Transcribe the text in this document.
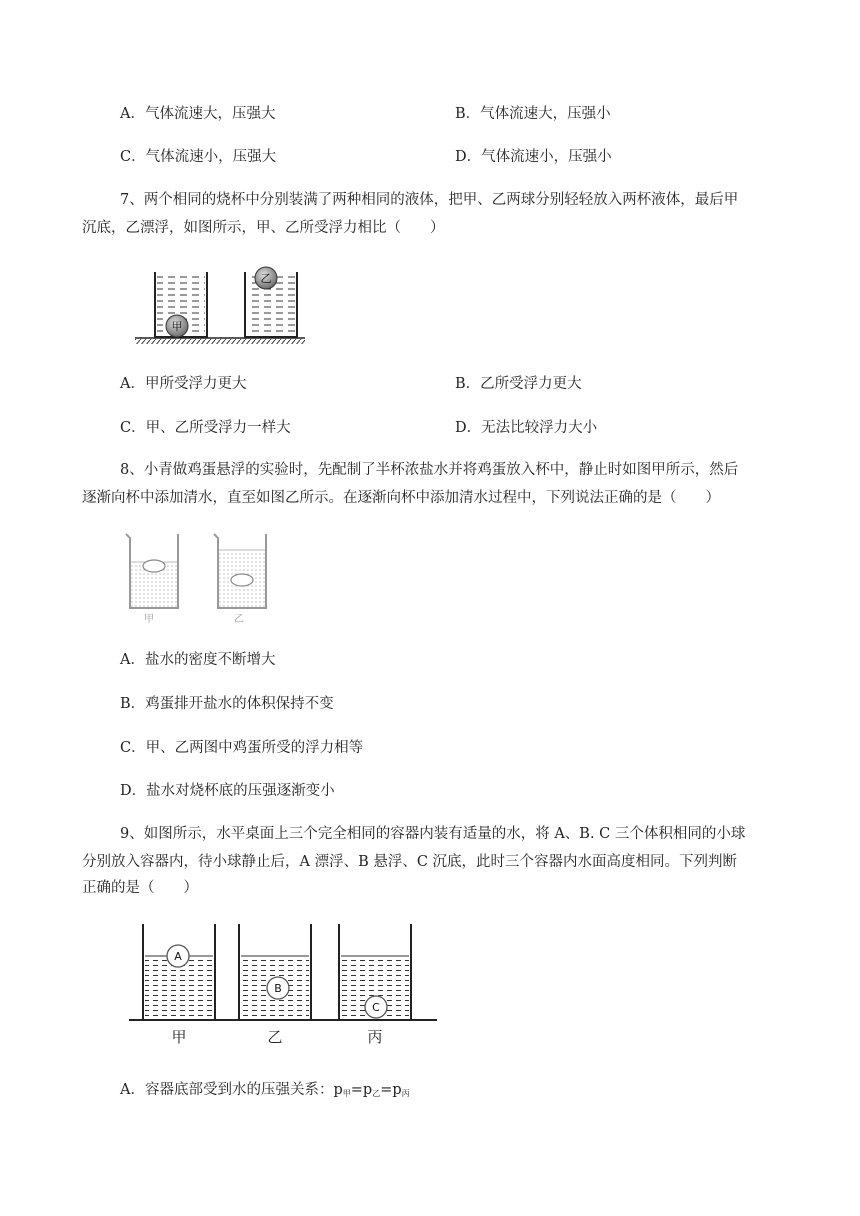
A．气体流速大，压强大	B．气体流速大，压强小
C．气体流速小，压强大	D．气体流速小，压强小
7、两个相同的烧杯中分别装满了两种相同的液体，把甲、乙两球分别轻轻放入两杯液体，最后甲
沉底，乙漂浮，如图所示，甲、乙所受浮力相比（　　）
甲
乙
A．甲所受浮力更大	B．乙所受浮力更大
C．甲、乙所受浮力一样大	D．无法比较浮力大小
8、小青做鸡蛋悬浮的实验时，先配制了半杯浓盐水并将鸡蛋放入杯中，静止时如图甲所示，然后
逐渐向杯中添加清水，直至如图乙所示。在逐渐向杯中添加清水过程中，下列说法正确的是（　　）
甲	乙
A．盐水的密度不断增大
B．鸡蛋排开盐水的体积保持不变
C．甲、乙两图中鸡蛋所受的浮力相等
D．盐水对烧杯底的压强逐渐变小
9、如图所示，水平桌面上三个完全相同的容器内装有适量的水，将 A、B. C 三个体积相同的小球
分别放入容器内，待小球静止后，A 漂浮、B 悬浮、C 沉底，此时三个容器内水面高度相同。下列判断
正确的是（　　）
A
B
C
甲	乙	丙
A．容器底部受到水的压强关系：$p_甲=p_乙=p_丙$
